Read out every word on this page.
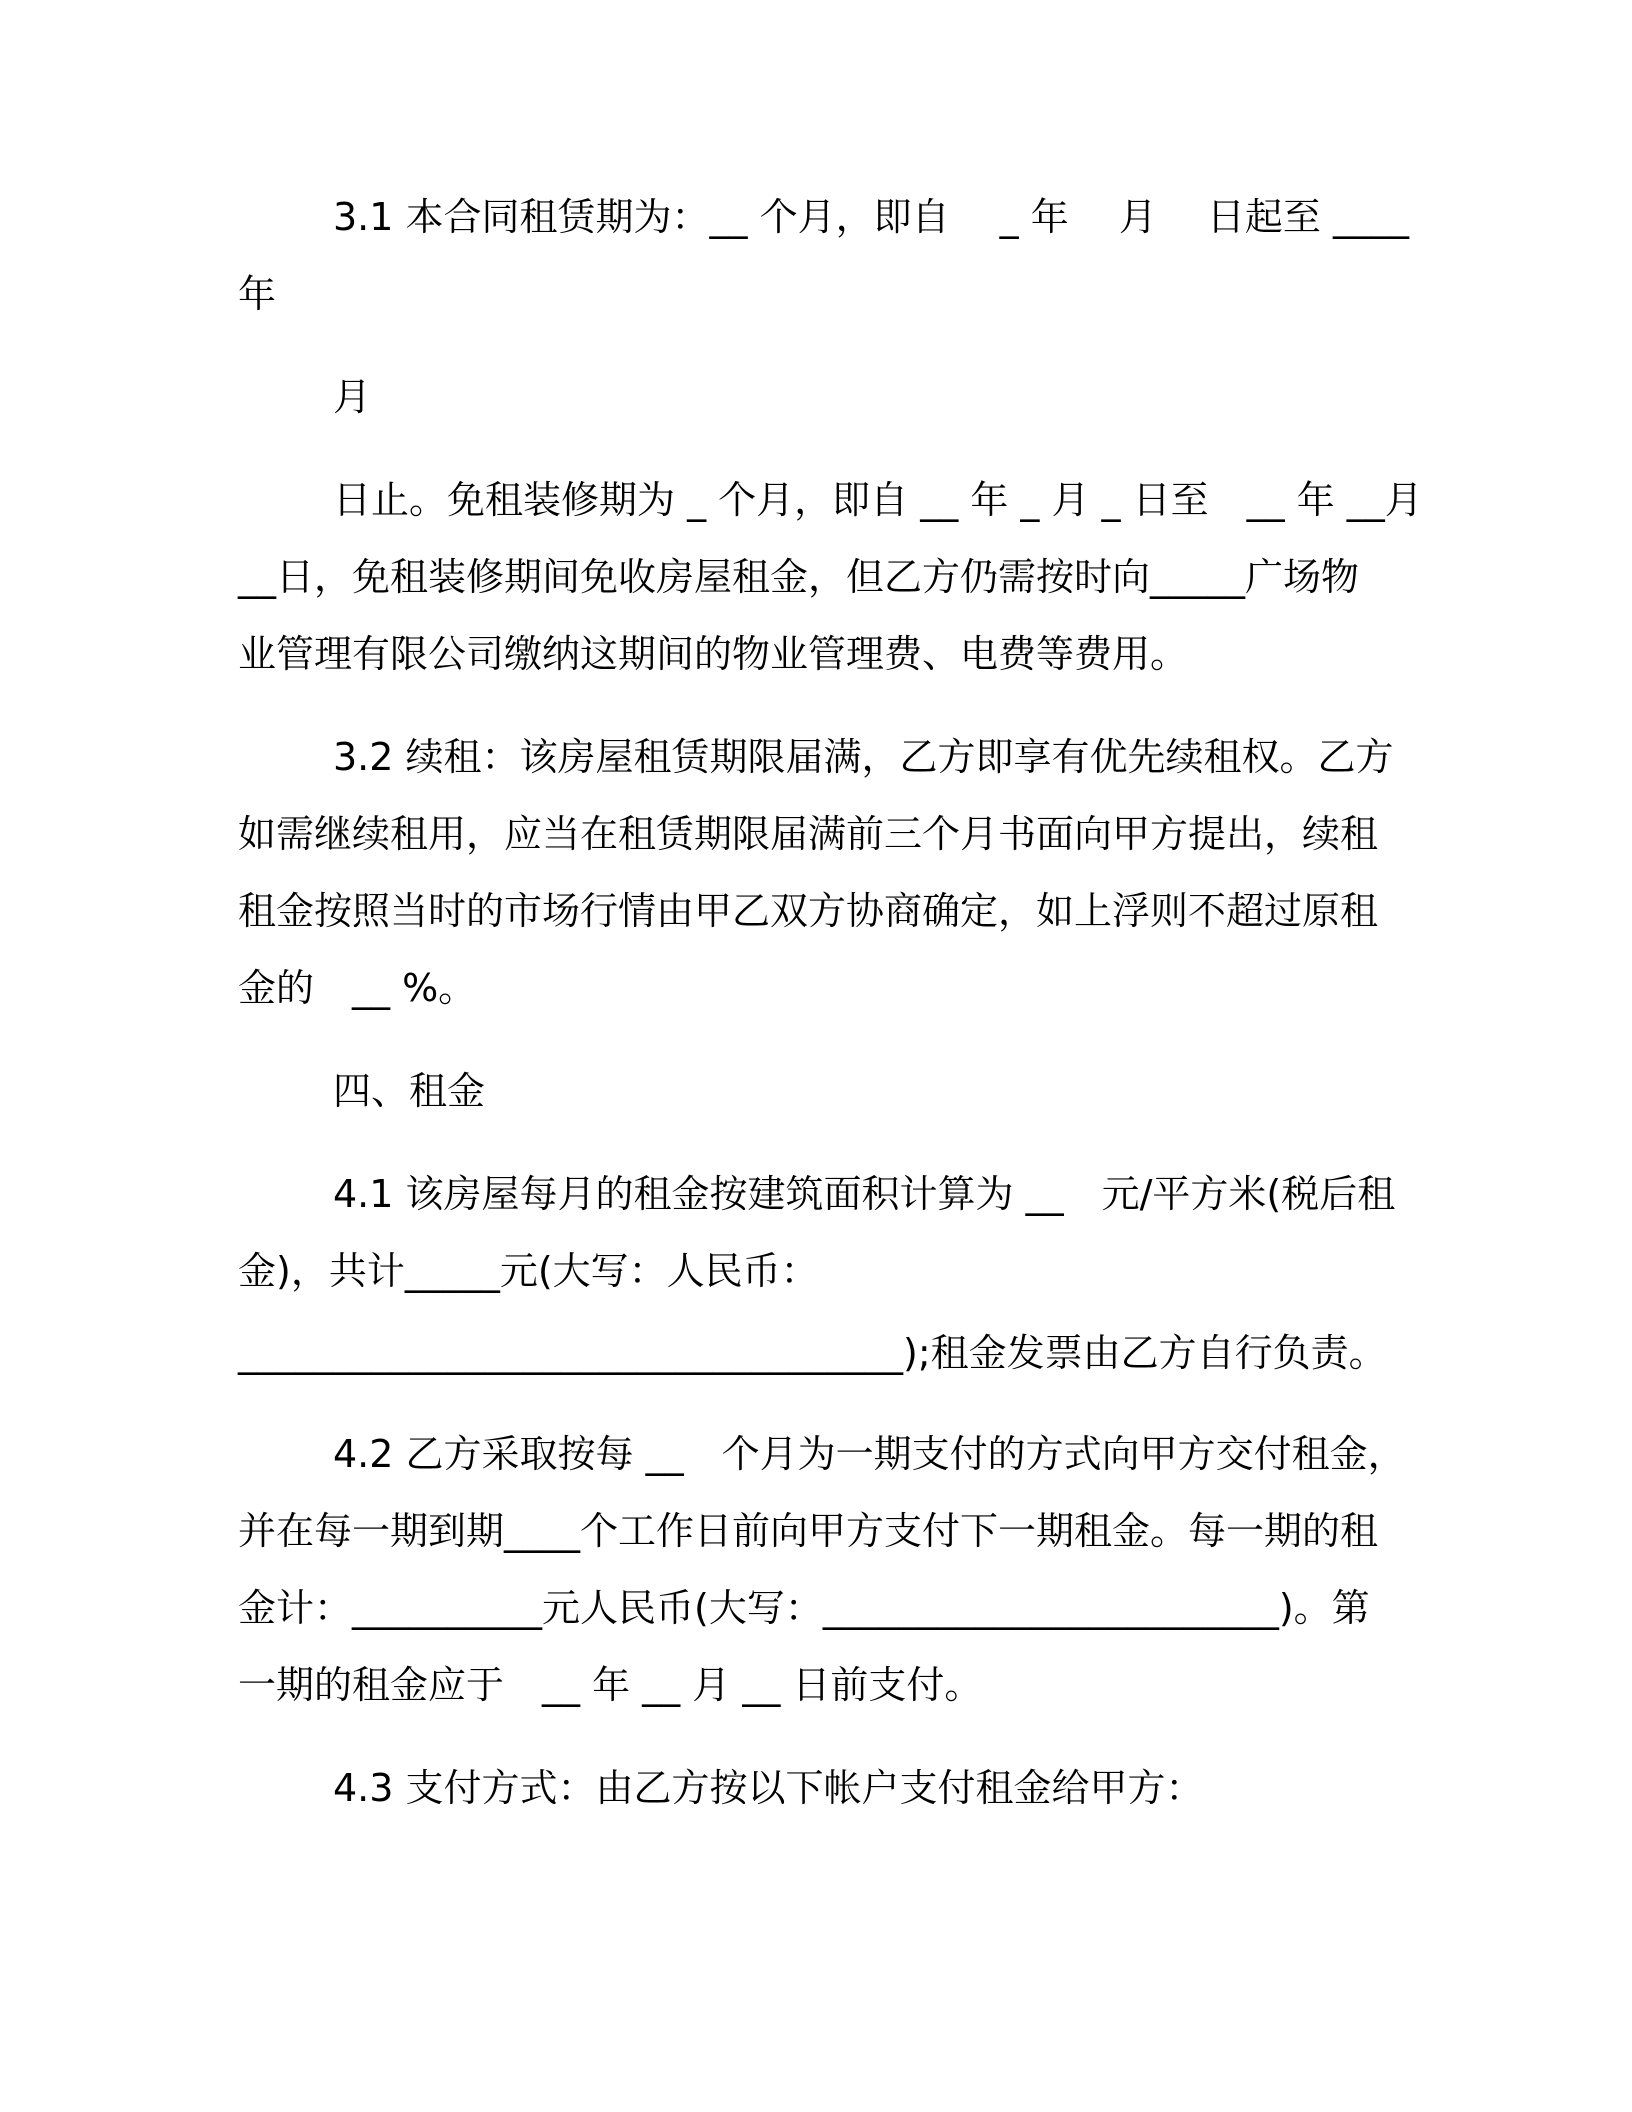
3.1 本合同租赁期为：__ 个月，即自　 _ 年　 月　 日起至 ____
年
月
日止。免租装修期为 _ 个月，即自 __ 年 _ 月 _ 日至　__ 年 __月
__日，免租装修期间免收房屋租金，但乙方仍需按时向_____广场物
业管理有限公司缴纳这期间的物业管理费、电费等费用。
3.2 续租：该房屋租赁期限届满，乙方即享有优先续租权。乙方
如需继续租用，应当在租赁期限届满前三个月书面向甲方提出，续租
租金按照当时的市场行情由甲乙双方协商确定，如上浮则不超过原租
金的　__ %。
四、租金
4.1 该房屋每月的租金按建筑面积计算为 __　元/平方米(税后租
金)，共计_____元(大写：人民币：
___________________________________);租金发票由乙方自行负责。
4.2 乙方采取按每 __　个月为一期支付的方式向甲方交付租金，
并在每一期到期____个工作日前向甲方支付下一期租金。每一期的租
金计：__________元人民币(大写：________________________)。第
一期的租金应于　__ 年 __ 月 __ 日前支付。
4.3 支付方式：由乙方按以下帐户支付租金给甲方：
